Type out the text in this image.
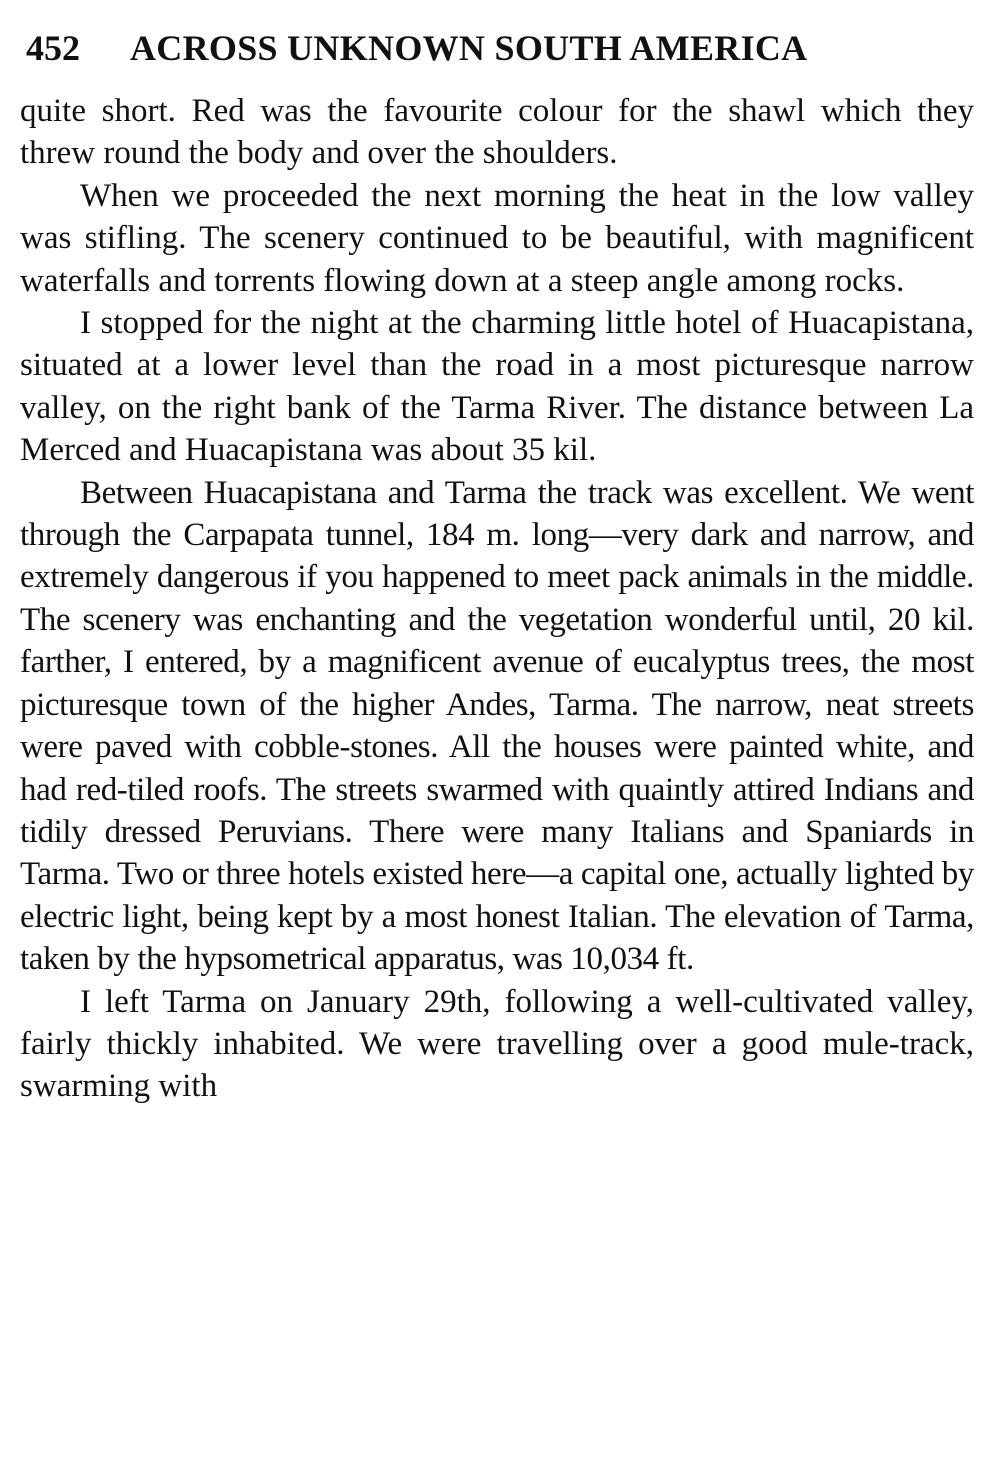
452 ACROSS UNKNOWN SOUTH AMERICA

quite short. Red was the favourite colour for the shawl which they threw round the body and over the shoulders.

When we proceeded the next morning the heat in the low valley was stifling. The scenery continued to be beautiful, with magnificent waterfalls and torrents flowing down at a steep angle among rocks.

I stopped for the night at the charming little hotel of Huacapistana, situated at a lower level than the road in a most picturesque narrow valley, on the right bank of the Tarma River. The distance between La Merced and Huacapistana was about 35 kil.

Between Huacapistana and Tarma the track was excellent. We went through the Carpapata tunnel, 184 m. long—very dark and narrow, and extremely dangerous if you happened to meet pack animals in the middle. The scenery was enchanting and the vegetation wonderful until, 20 kil. farther, I entered, by a magnificent avenue of eucalyptus trees, the most picturesque town of the higher Andes, Tarma. The narrow, neat streets were paved with cobble-stones. All the houses were painted white, and had red-tiled roofs. The streets swarmed with quaintly attired Indians and tidily dressed Peruvians. There were many Italians and Spaniards in Tarma. Two or three hotels existed here—a capital one, actually lighted by electric light, being kept by a most honest Italian. The elevation of Tarma, taken by the hypsometrical apparatus, was 10,034 ft.

I left Tarma on January 29th, following a well-cultivated valley, fairly thickly inhabited. We were travelling over a good mule-track, swarming with
